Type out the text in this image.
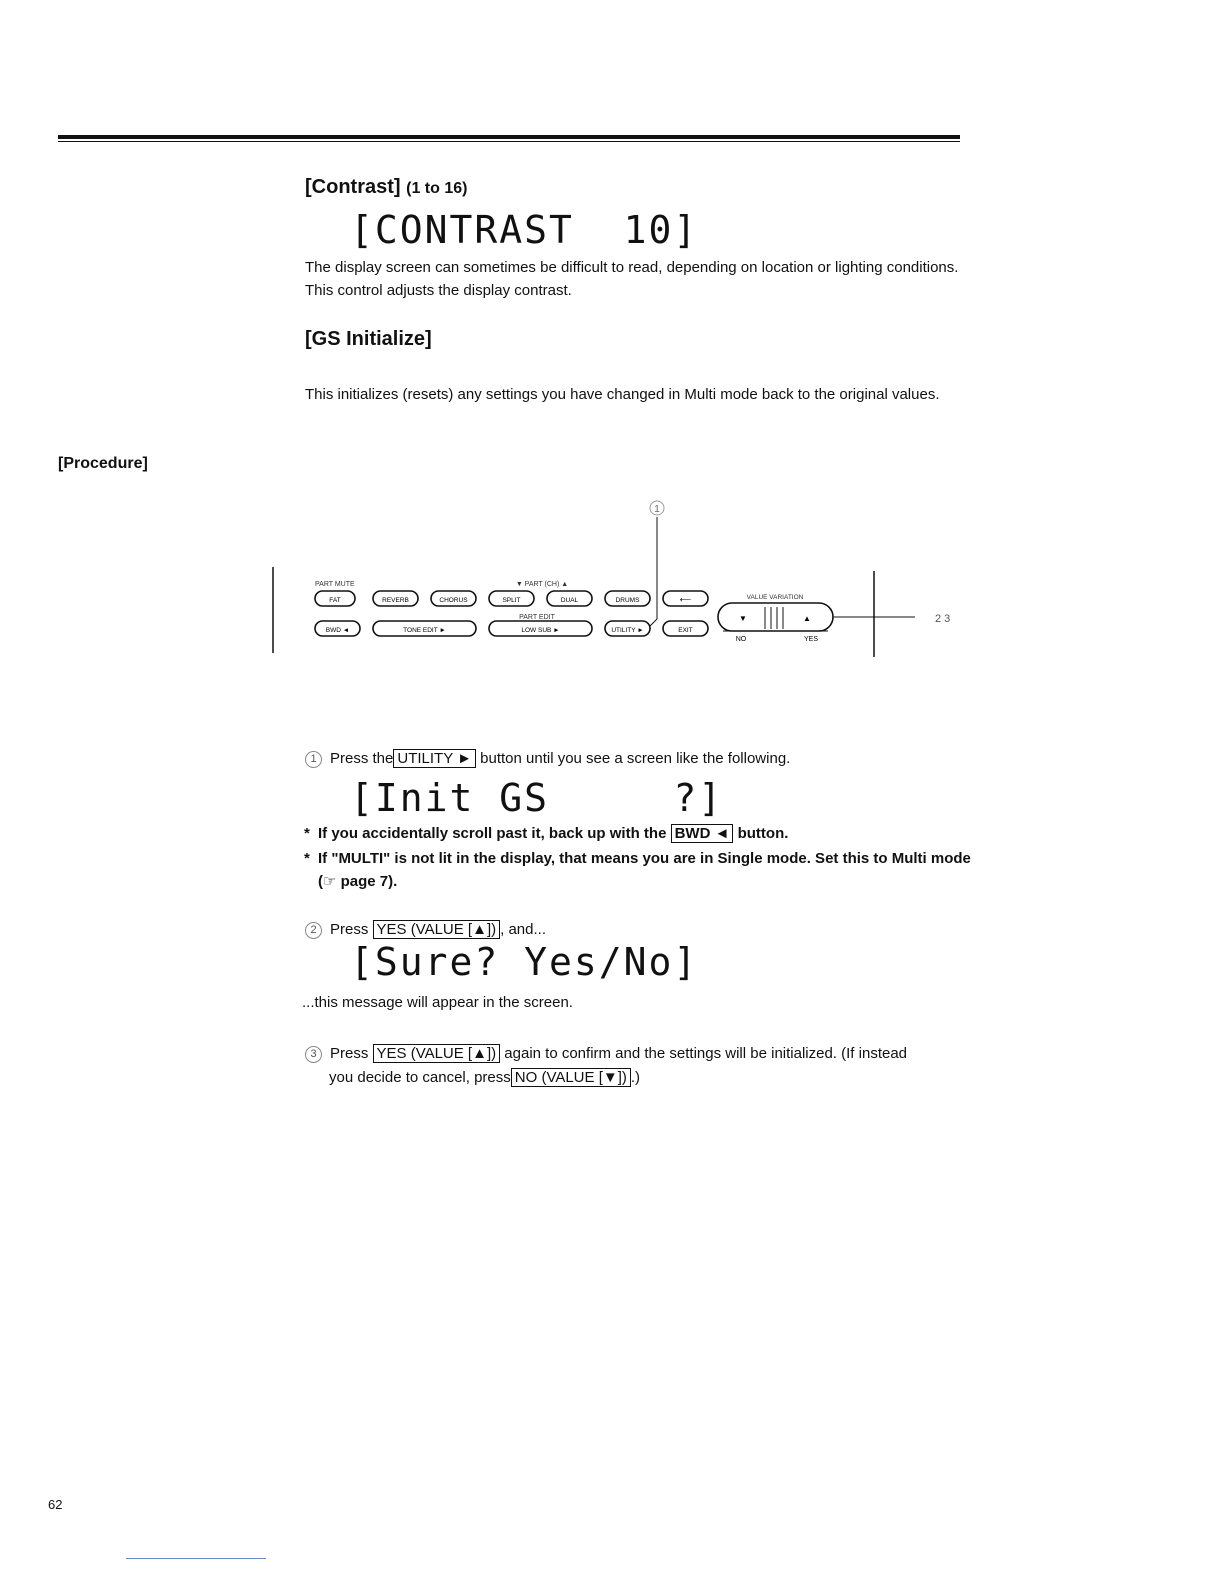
[Contrast] (1 to 16)
[CONTRAST  10]
The display screen can sometimes be difficult to read, depending on location or lighting conditions. This control adjusts the display contrast.
[GS Initialize]
This initializes (resets) any settings you have changed in Multi mode back to the original values.
[Procedure]
1
PART MUTE	▼ PART (CH) ▲
PART EDIT
VALUE VARIATION
FAT	REVERB	CHORUS	SPLIT	DUAL	DRUMS	⟵
BWD ◄	TONE EDIT ►	LOW SUB ►	UTILITY ►	EXIT
▼	▲
NO	YES
2 3
1 Press the UTILITY ► button until you see a screen like the following.
[Init GS     ?]
* If you accidentally scroll past it, back up with the BWD ◄ button.
* If "MULTI" is not lit in the display, that means you are in Single mode. Set this to Multi mode (☞ page 7).
2 Press YES (VALUE [▲]) , and...
[Sure? Yes/No]
...this message will appear in the screen.
3 Press YES (VALUE [▲]) again to confirm and the settings will be initialized. (If instead
you decide to cancel, press NO (VALUE [▼]) .)
62
